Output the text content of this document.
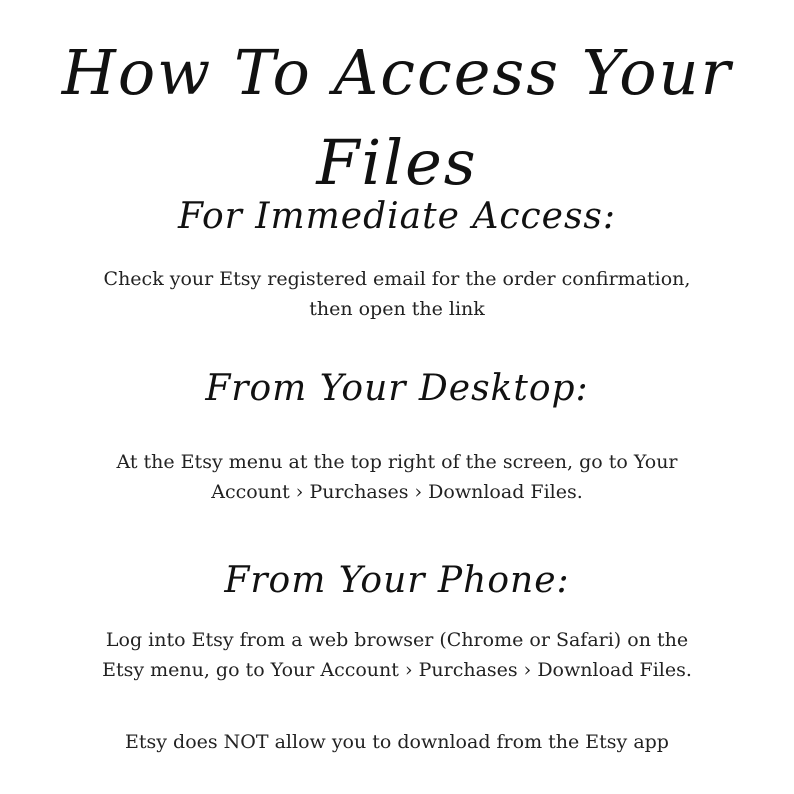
How To Access Your Files
For Immediate Access:

Check your Etsy registered email for the order confirmation,
then open the link

From Your Desktop:

At the Etsy menu at the top right of the screen, go to Your
Account › Purchases › Download Files.

From Your Phone:

Log into Etsy from a web browser (Chrome or Safari) on the
Etsy menu, go to Your Account › Purchases › Download Files.

Etsy does NOT allow you to download from the Etsy app
